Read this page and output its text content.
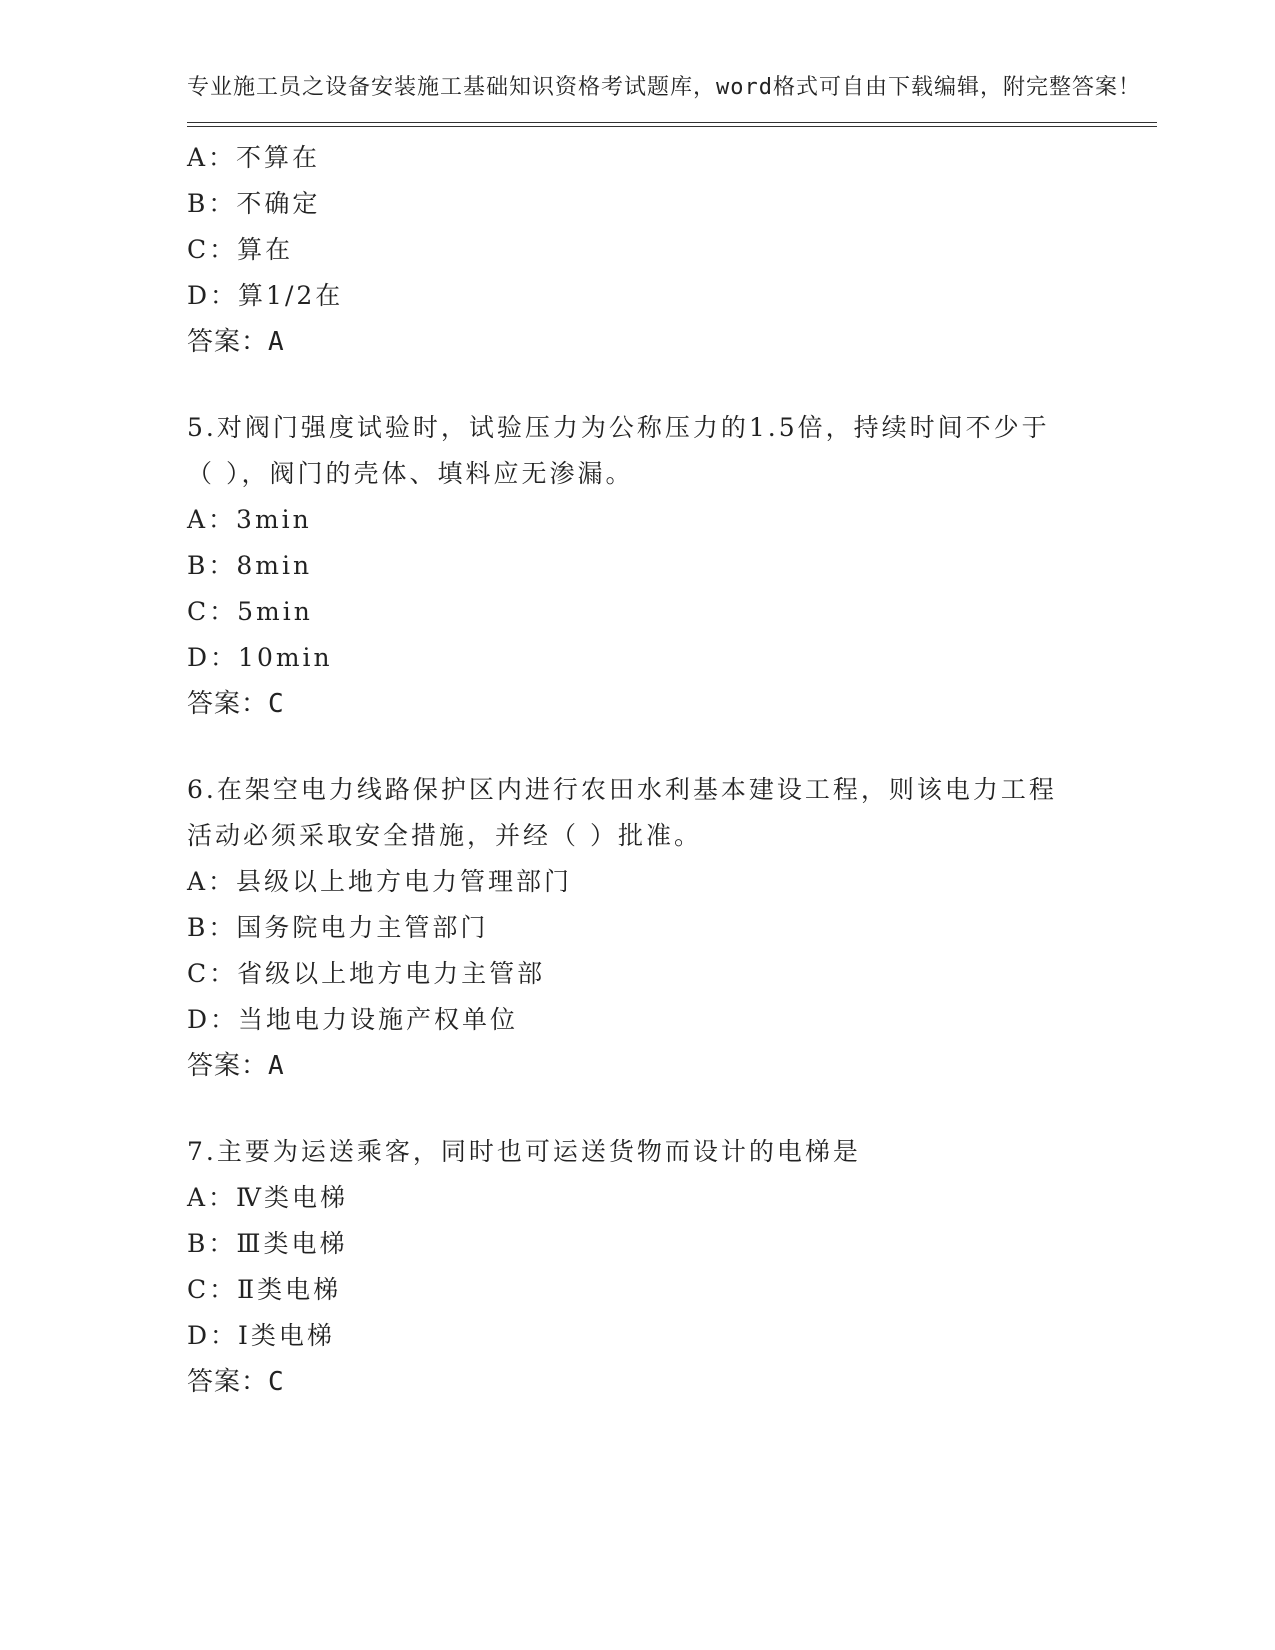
专业施工员之设备安装施工基础知识资格考试题库，word格式可自由下载编辑，附完整答案！

A：不算在

B：不确定

C：算在

D：算1/2在

答案：A

5.对阀门强度试验时，试验压力为公称压力的1.5倍，持续时间不少于（ ），阀门的壳体、填料应无渗漏。

A：3min

B：8min

C：5min

D：10min

答案：C

6.在架空电力线路保护区内进行农田水利基本建设工程，则该电力工程活动必须采取安全措施，并经（ ）批准。

A：县级以上地方电力管理部门

B：国务院电力主管部门

C：省级以上地方电力主管部

D：当地电力设施产权单位

答案：A

7.主要为运送乘客，同时也可运送货物而设计的电梯是

A：Ⅳ类电梯

B：Ⅲ类电梯

C：Ⅱ类电梯

D：Ⅰ类电梯

答案：C
